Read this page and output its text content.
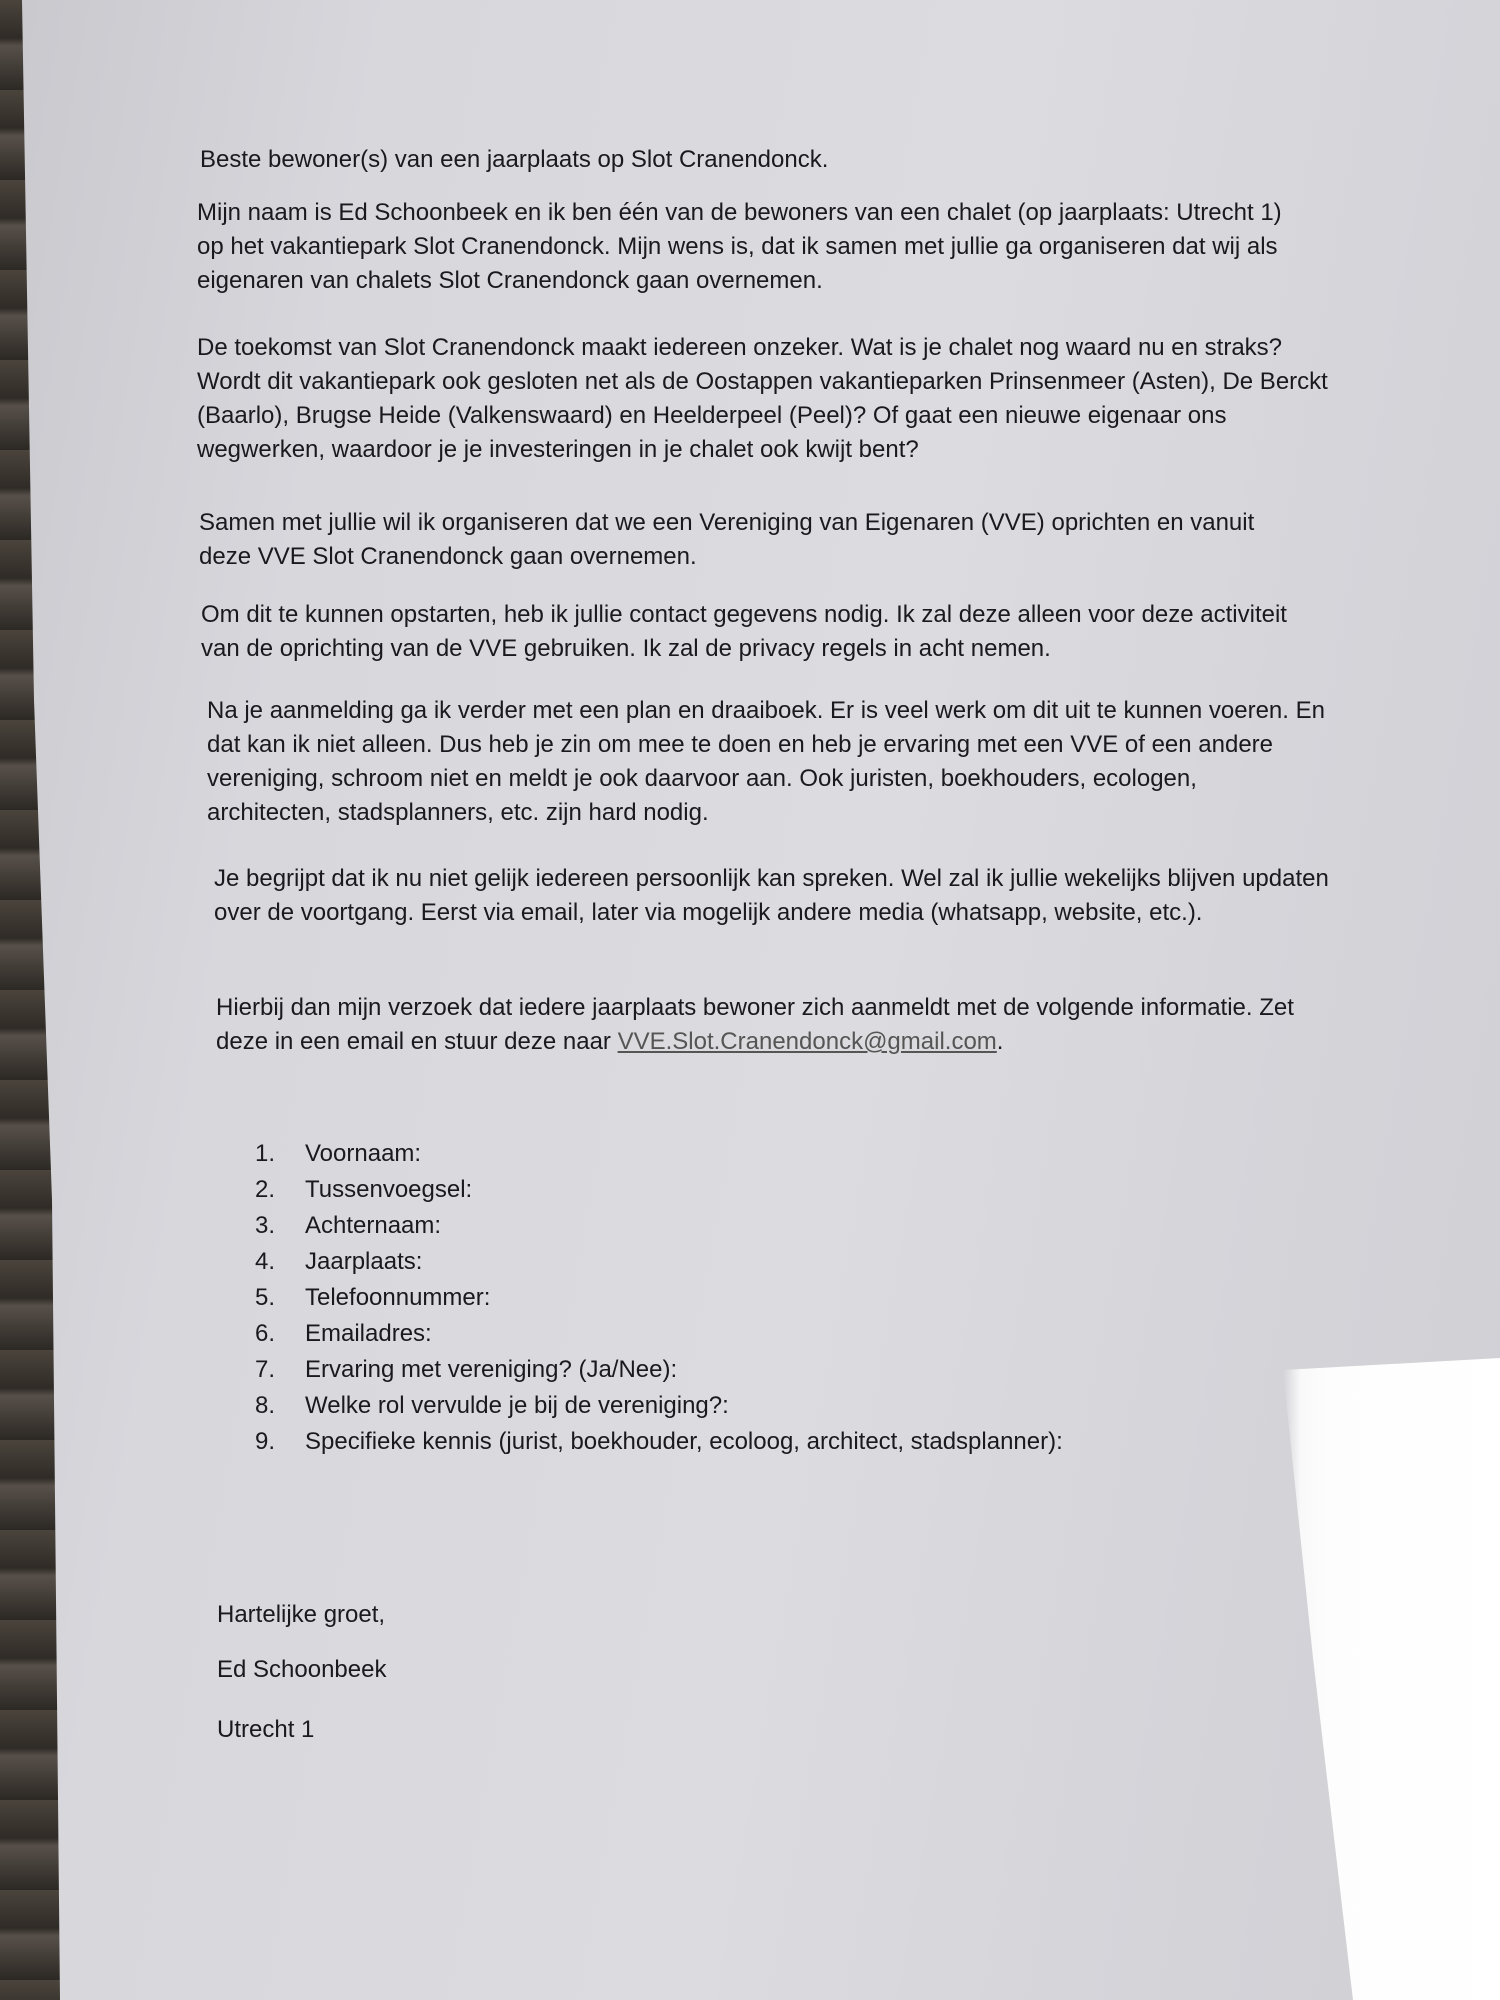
Beste bewoner(s) van een jaarplaats op Slot Cranendonck.

Mijn naam is Ed Schoonbeek en ik ben één van de bewoners van een chalet (op jaarplaats: Utrecht 1) op het vakantiepark Slot Cranendonck. Mijn wens is, dat ik samen met jullie ga organiseren dat wij als eigenaren van chalets Slot Cranendonck gaan overnemen.

De toekomst van Slot Cranendonck maakt iedereen onzeker. Wat is je chalet nog waard nu en straks? Wordt dit vakantiepark ook gesloten net als de Oostappen vakantieparken Prinsenmeer (Asten), De Berckt (Baarlo), Brugse Heide (Valkenswaard) en Heelderpeel (Peel)? Of gaat een nieuwe eigenaar ons wegwerken, waardoor je je investeringen in je chalet ook kwijt bent?

Samen met jullie wil ik organiseren dat we een Vereniging van Eigenaren (VVE) oprichten en vanuit deze VVE Slot Cranendonck gaan overnemen.

Om dit te kunnen opstarten, heb ik jullie contact gegevens nodig. Ik zal deze alleen voor deze activiteit van de oprichting van de VVE gebruiken. Ik zal de privacy regels in acht nemen.

Na je aanmelding ga ik verder met een plan en draaiboek. Er is veel werk om dit uit te kunnen voeren. En dat kan ik niet alleen. Dus heb je zin om mee te doen en heb je ervaring met een VVE of een andere vereniging, schroom niet en meldt je ook daarvoor aan. Ook juristen, boekhouders, ecologen, architecten, stadsplanners, etc. zijn hard nodig.

Je begrijpt dat ik nu niet gelijk iedereen persoonlijk kan spreken. Wel zal ik jullie wekelijks blijven updaten over de voortgang. Eerst via email, later via mogelijk andere media (whatsapp, website, etc.).

Hierbij dan mijn verzoek dat iedere jaarplaats bewoner zich aanmeldt met de volgende informatie. Zet deze in een email en stuur deze naar VVE.Slot.Cranendonck@gmail.com.

1.	Voornaam:
2.	Tussenvoegsel:
3.	Achternaam:
4.	Jaarplaats:
5.	Telefoonnummer:
6.	Emailadres:
7.	Ervaring met vereniging? (Ja/Nee):
8.	Welke rol vervulde je bij de vereniging?:
9.	Specifieke kennis (jurist, boekhouder, ecoloog, architect, stadsplanner):
Hartelijke groet,
Ed Schoonbeek
Utrecht 1
